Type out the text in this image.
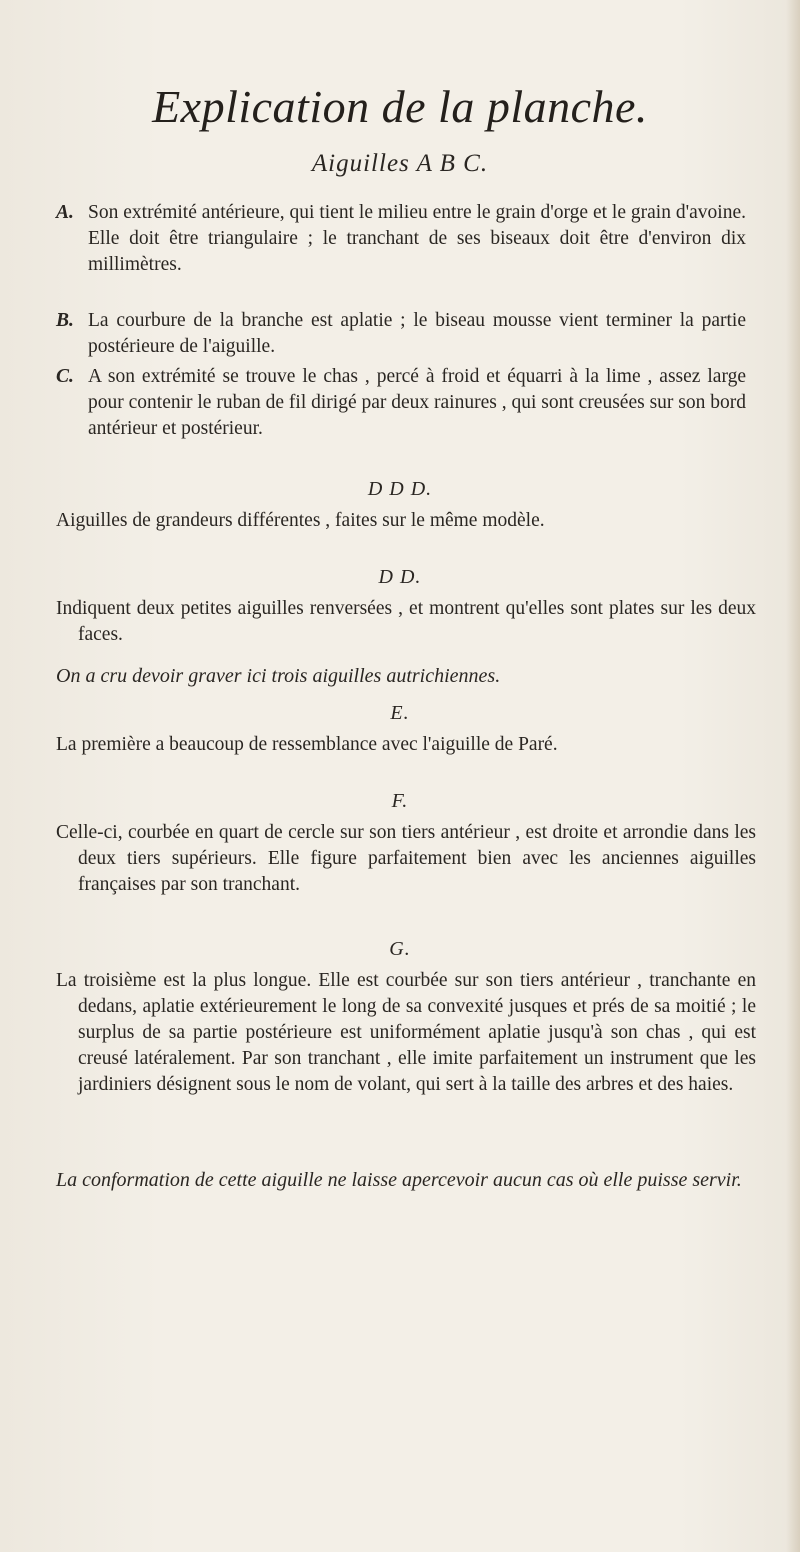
Explication de la planche.
Aiguilles A B C.
A. Son extrémité antérieure, qui tient le milieu entre le grain d'orge et le grain d'avoine. Elle doit être triangulaire ; le tranchant de ses biseaux doit être d'environ dix millimètres.
B. La courbure de la branche est aplatie ; le biseau mousse vient terminer la partie postérieure de l'aiguille.
C. A son extrémité se trouve le chas , percé à froid et équarri à la lime , assez large pour contenir le ruban de fil dirigé par deux rainures , qui sont creusées sur son bord antérieur et postérieur.
D D D.
Aiguilles de grandeurs différentes , faites sur le même modèle.
D D.
Indiquent deux petites aiguilles renversées , et montrent qu'elles sont plates sur les deux faces.
On a cru devoir graver ici trois aiguilles autrichiennes.
E.
La première a beaucoup de ressemblance avec l'aiguille de Paré.
F.
Celle-ci, courbée en quart de cercle sur son tiers antérieur , est droite et arrondie dans les deux tiers supérieurs. Elle figure parfaitement bien avec les anciennes aiguilles françaises par son tranchant.
G.
La troisième est la plus longue. Elle est courbée sur son tiers antérieur , tranchante en dedans, aplatie extérieurement le long de sa convexité jusques et prés de sa moitié ; le surplus de sa partie postérieure est uniformément aplatie jusqu'à son chas , qui est creusé latéralement. Par son tranchant , elle imite parfaitement un instrument que les jardiniers désignent sous le nom de volant, qui sert à la taille des arbres et des haies.
La conformation de cette aiguille ne laisse apercevoir aucun cas où elle puisse servir.
